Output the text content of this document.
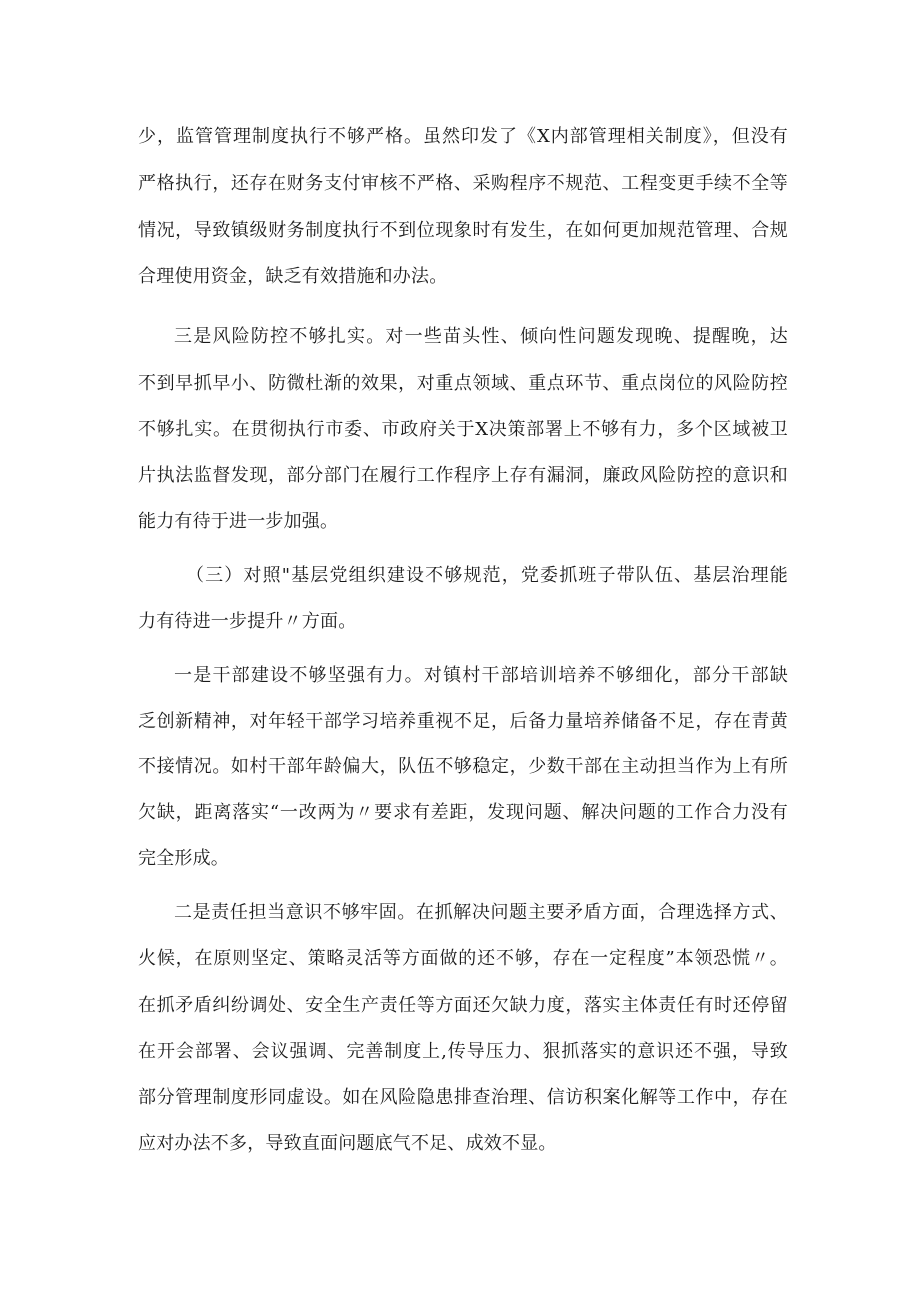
少，监管管理制度执行不够严格。虽然印发了《X内部管理相关制度》，但没有

严格执行，还存在财务支付审核不严格、采购程序不规范、工程变更手续不全等

情况，导致镇级财务制度执行不到位现象时有发生，在如何更加规范管理、合规

合理使用资金，缺乏有效措施和办法。

三是风险防控不够扎实。对一些苗头性、倾向性问题发现晚、提醒晚，达

不到早抓早小、防微杜渐的效果，对重点领域、重点环节、重点岗位的风险防控

不够扎实。在贯彻执行市委、市政府关于X决策部署上不够有力，多个区域被卫

片执法监督发现，部分部门在履行工作程序上存有漏洞，廉政风险防控的意识和

能力有待于进一步加强。

（三）对照"基层党组织建设不够规范，党委抓班子带队伍、基层治理能

力有待进一步提升〃方面。

一是干部建设不够坚强有力。对镇村干部培训培养不够细化，部分干部缺

乏创新精神，对年轻干部学习培养重视不足，后备力量培养储备不足，存在青黄

不接情况。如村干部年龄偏大，队伍不够稳定，少数干部在主动担当作为上有所

欠缺，距离落实“一改两为〃要求有差距，发现问题、解决问题的工作合力没有

完全形成。

二是责任担当意识不够牢固。在抓解决问题主要矛盾方面，合理选择方式、

火候，在原则坚定、策略灵活等方面做的还不够，存在一定程度”本领恐慌〃。

在抓矛盾纠纷调处、安全生产责任等方面还欠缺力度，落实主体责任有时还停留

在开会部署、会议强调、完善制度上,传导压力、狠抓落实的意识还不强，导致

部分管理制度形同虚设。如在风险隐患排查治理、信访积案化解等工作中，存在

应对办法不多，导致直面问题底气不足、成效不显。
